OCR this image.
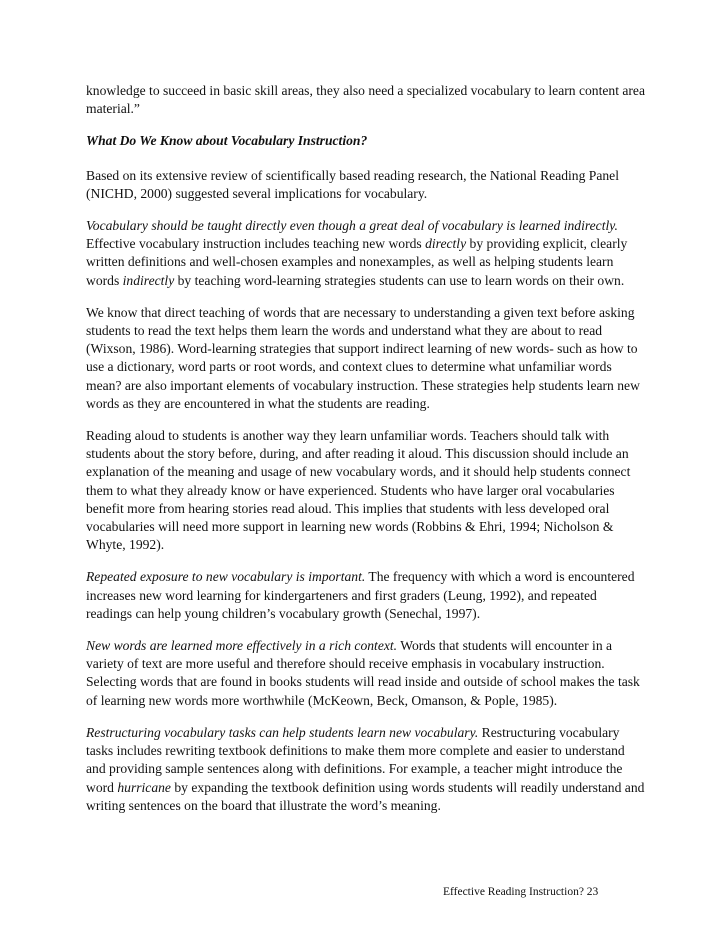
knowledge to succeed in basic skill areas, they also need a specialized vocabulary to learn content area material.”

What Do We Know about Vocabulary Instruction?

Based on its extensive review of scientifically based reading research, the National Reading Panel (NICHD, 2000) suggested several implications for vocabulary.

Vocabulary should be taught directly even though a great deal of vocabulary is learned indirectly. Effective vocabulary instruction includes teaching new words directly by providing explicit, clearly written definitions and well-chosen examples and nonexamples, as well as helping students learn words indirectly by teaching word-learning strategies students can use to learn words on their own.

We know that direct teaching of words that are necessary to understanding a given text before asking students to read the text helps them learn the words and understand what they are about to read (Wixson, 1986). Word-learning strategies that support indirect learning of new words- such as how to use a dictionary, word parts or root words, and context clues to determine what unfamiliar words mean? are also important elements of vocabulary instruction. These strategies help students learn new words as they are encountered in what the students are reading.

Reading aloud to students is another way they learn unfamiliar words. Teachers should talk with students about the story before, during, and after reading it aloud. This discussion should include an explanation of the meaning and usage of new vocabulary words, and it should help students connect them to what they already know or have experienced. Students who have larger oral vocabularies benefit more from hearing stories read aloud. This implies that students with less developed oral vocabularies will need more support in learning new words (Robbins & Ehri, 1994; Nicholson & Whyte, 1992).

Repeated exposure to new vocabulary is important. The frequency with which a word is encountered increases new word learning for kindergarteners and first graders (Leung, 1992), and repeated readings can help young children’s vocabulary growth (Senechal, 1997).

New words are learned more effectively in a rich context. Words that students will encounter in a variety of text are more useful and therefore should receive emphasis in vocabulary instruction. Selecting words that are found in books students will read inside and outside of school makes the task of learning new words more worthwhile (McKeown, Beck, Omanson, & Pople, 1985).

Restructuring vocabulary tasks can help students learn new vocabulary. Restructuring vocabulary tasks includes rewriting textbook definitions to make them more complete and easier to understand and providing sample sentences along with definitions. For example, a teacher might introduce the word hurricane by expanding the textbook definition using words students will readily understand and writing sentences on the board that illustrate the word’s meaning.

Effective Reading Instruction? 23
